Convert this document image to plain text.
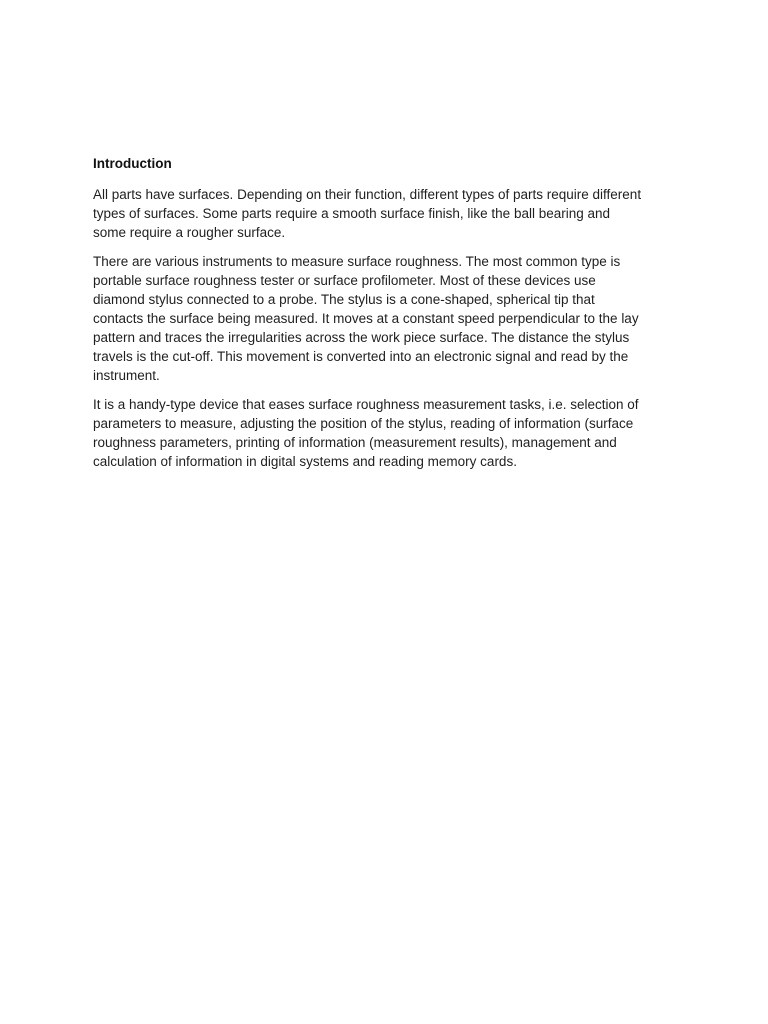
Introduction
All parts have surfaces. Depending on their function, different types of parts require different
types of surfaces. Some parts require a smooth surface finish, like the ball bearing and
some require a rougher surface.
There are various instruments to measure surface roughness. The most common type is
portable surface roughness tester or surface profilometer. Most of these devices use
diamond stylus connected to a probe. The stylus is a cone-shaped, spherical tip that
contacts the surface being measured. It moves at a constant speed perpendicular to the lay
pattern and traces the irregularities across the work piece surface. The distance the stylus
travels is the cut-off. This movement is converted into an electronic signal and read by the
instrument.
It is a handy-type device that eases surface roughness measurement tasks, i.e. selection of
parameters to measure, adjusting the position of the stylus, reading of information (surface
roughness parameters, printing of information (measurement results), management and
calculation of information in digital systems and reading memory cards.
